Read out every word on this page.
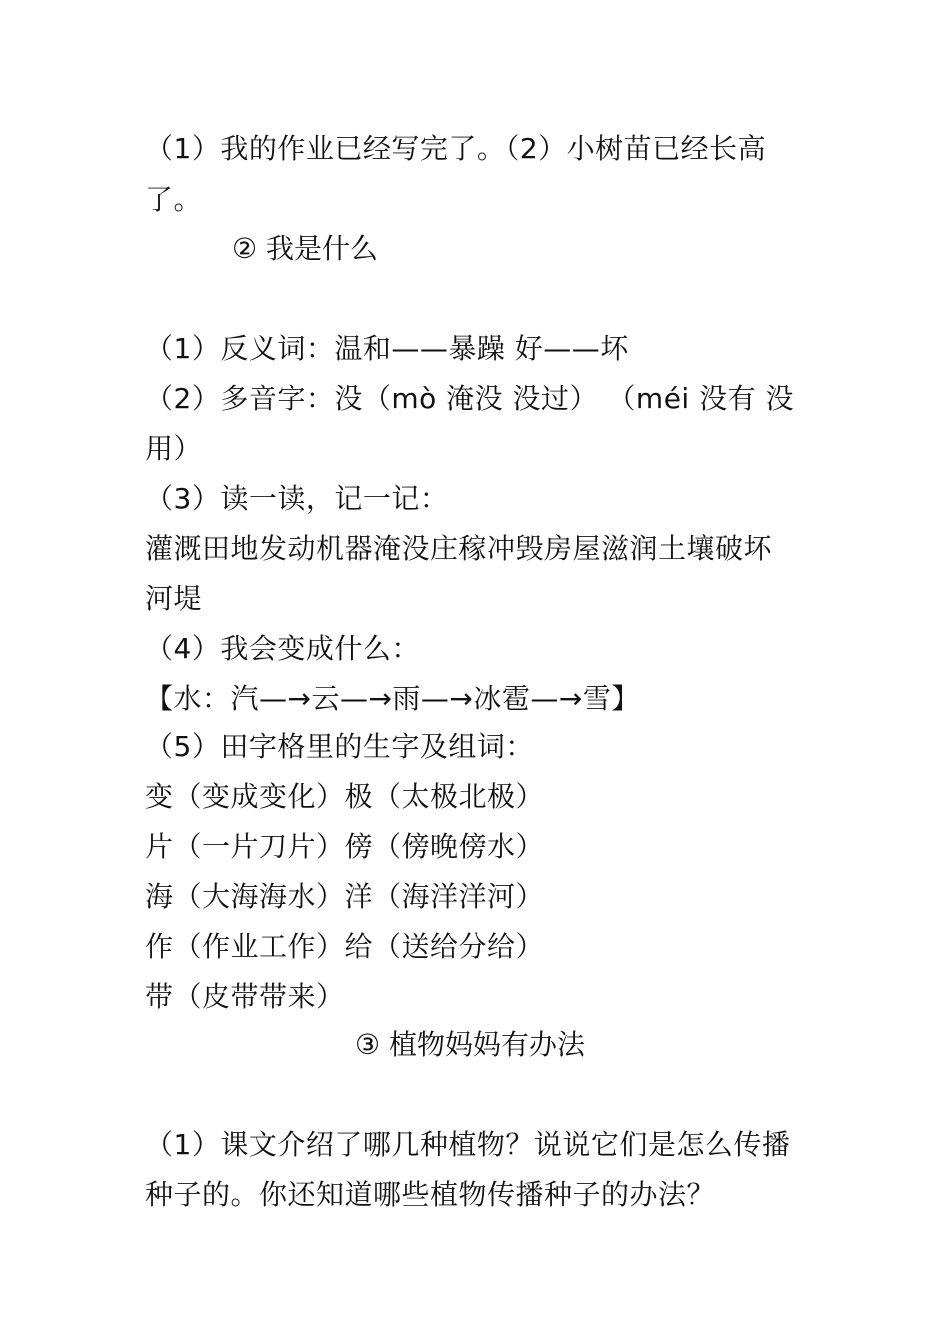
（1）我的作业已经写完了。（2）小树苗已经长高
了。
② 我是什么
（1）反义词：温和——暴躁 好——坏
（2）多音字：没（mò 淹没 没过） （méi 没有 没
用）
（3）读一读，记一记：
灌溉田地发动机器淹没庄稼冲毁房屋滋润土壤破坏
河堤
（4）我会变成什么：
【水：汽—→云—→雨—→冰雹—→雪】
（5）田字格里的生字及组词：
变（变成变化）极（太极北极）
片（一片刀片）傍（傍晚傍水）
海（大海海水）洋（海洋洋河）
作（作业工作）给（送给分给）
带（皮带带来）
③ 植物妈妈有办法
（1）课文介绍了哪几种植物？说说它们是怎么传播
种子的。你还知道哪些植物传播种子的办法？
